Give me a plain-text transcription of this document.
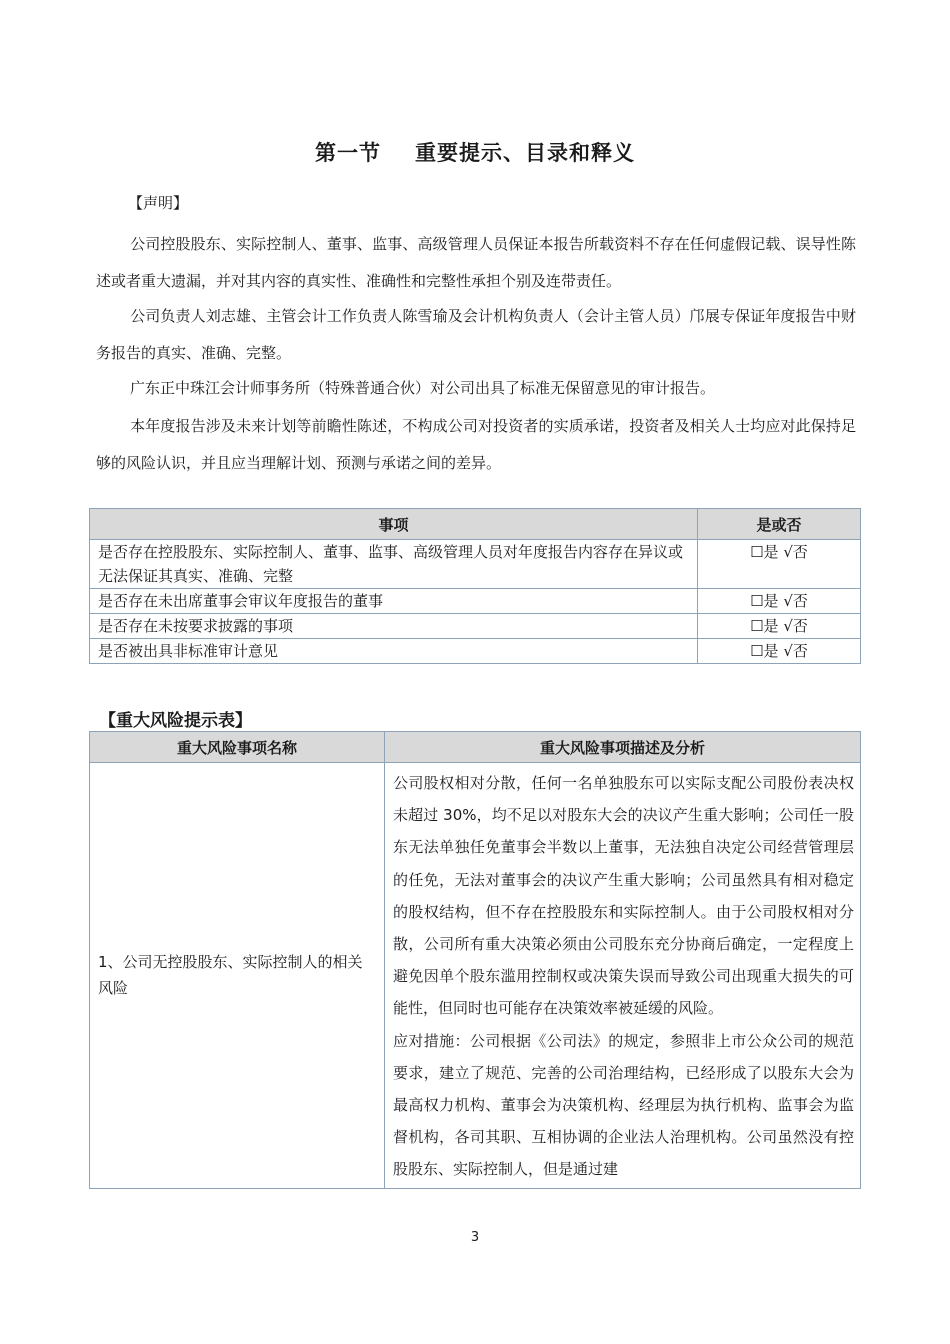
第一节 重要提示、目录和释义
【声明】
公司控股股东、实际控制人、董事、监事、高级管理人员保证本报告所载资料不存在任何虚假记载、误导性陈述或者重大遗漏，并对其内容的真实性、准确性和完整性承担个别及连带责任。
公司负责人刘志雄、主管会计工作负责人陈雪瑜及会计机构负责人（会计主管人员）邝展专保证年度报告中财务报告的真实、准确、完整。
广东正中珠江会计师事务所（特殊普通合伙）对公司出具了标准无保留意见的审计报告。
本年度报告涉及未来计划等前瞻性陈述，不构成公司对投资者的实质承诺，投资者及相关人士均应对此保持足够的风险认识，并且应当理解计划、预测与承诺之间的差异。
事项	是或否
是否存在控股股东、实际控制人、董事、监事、高级管理人员对年度报告内容存在异议或无法保证其真实、准确、完整	☐是 √否
是否存在未出席董事会审议年度报告的董事	☐是 √否
是否存在未按要求披露的事项	☐是 √否
是否被出具非标准审计意见	☐是 √否
【重大风险提示表】
重大风险事项名称	重大风险事项描述及分析
1、公司无控股股东、实际控制人的相关风险	公司股权相对分散，任何一名单独股东可以实际支配公司股份表决权未超过 30%，均不足以对股东大会的决议产生重大影响；公司任一股东无法单独任免董事会半数以上董事，无法独自决定公司经营管理层的任免，无法对董事会的决议产生重大影响；公司虽然具有相对稳定的股权结构，但不存在控股股东和实际控制人。由于公司股权相对分散，公司所有重大决策必须由公司股东充分协商后确定，一定程度上避免因单个股东滥用控制权或决策失误而导致公司出现重大损失的可能性，但同时也可能存在决策效率被延缓的风险。
应对措施：公司根据《公司法》的规定，参照非上市公众公司的规范要求，建立了规范、完善的公司治理结构，已经形成了以股东大会为最高权力机构、董事会为决策机构、经理层为执行机构、监事会为监督机构，各司其职、互相协调的企业法人治理机构。公司虽然没有控股股东、实际控制人，但是通过建
3
